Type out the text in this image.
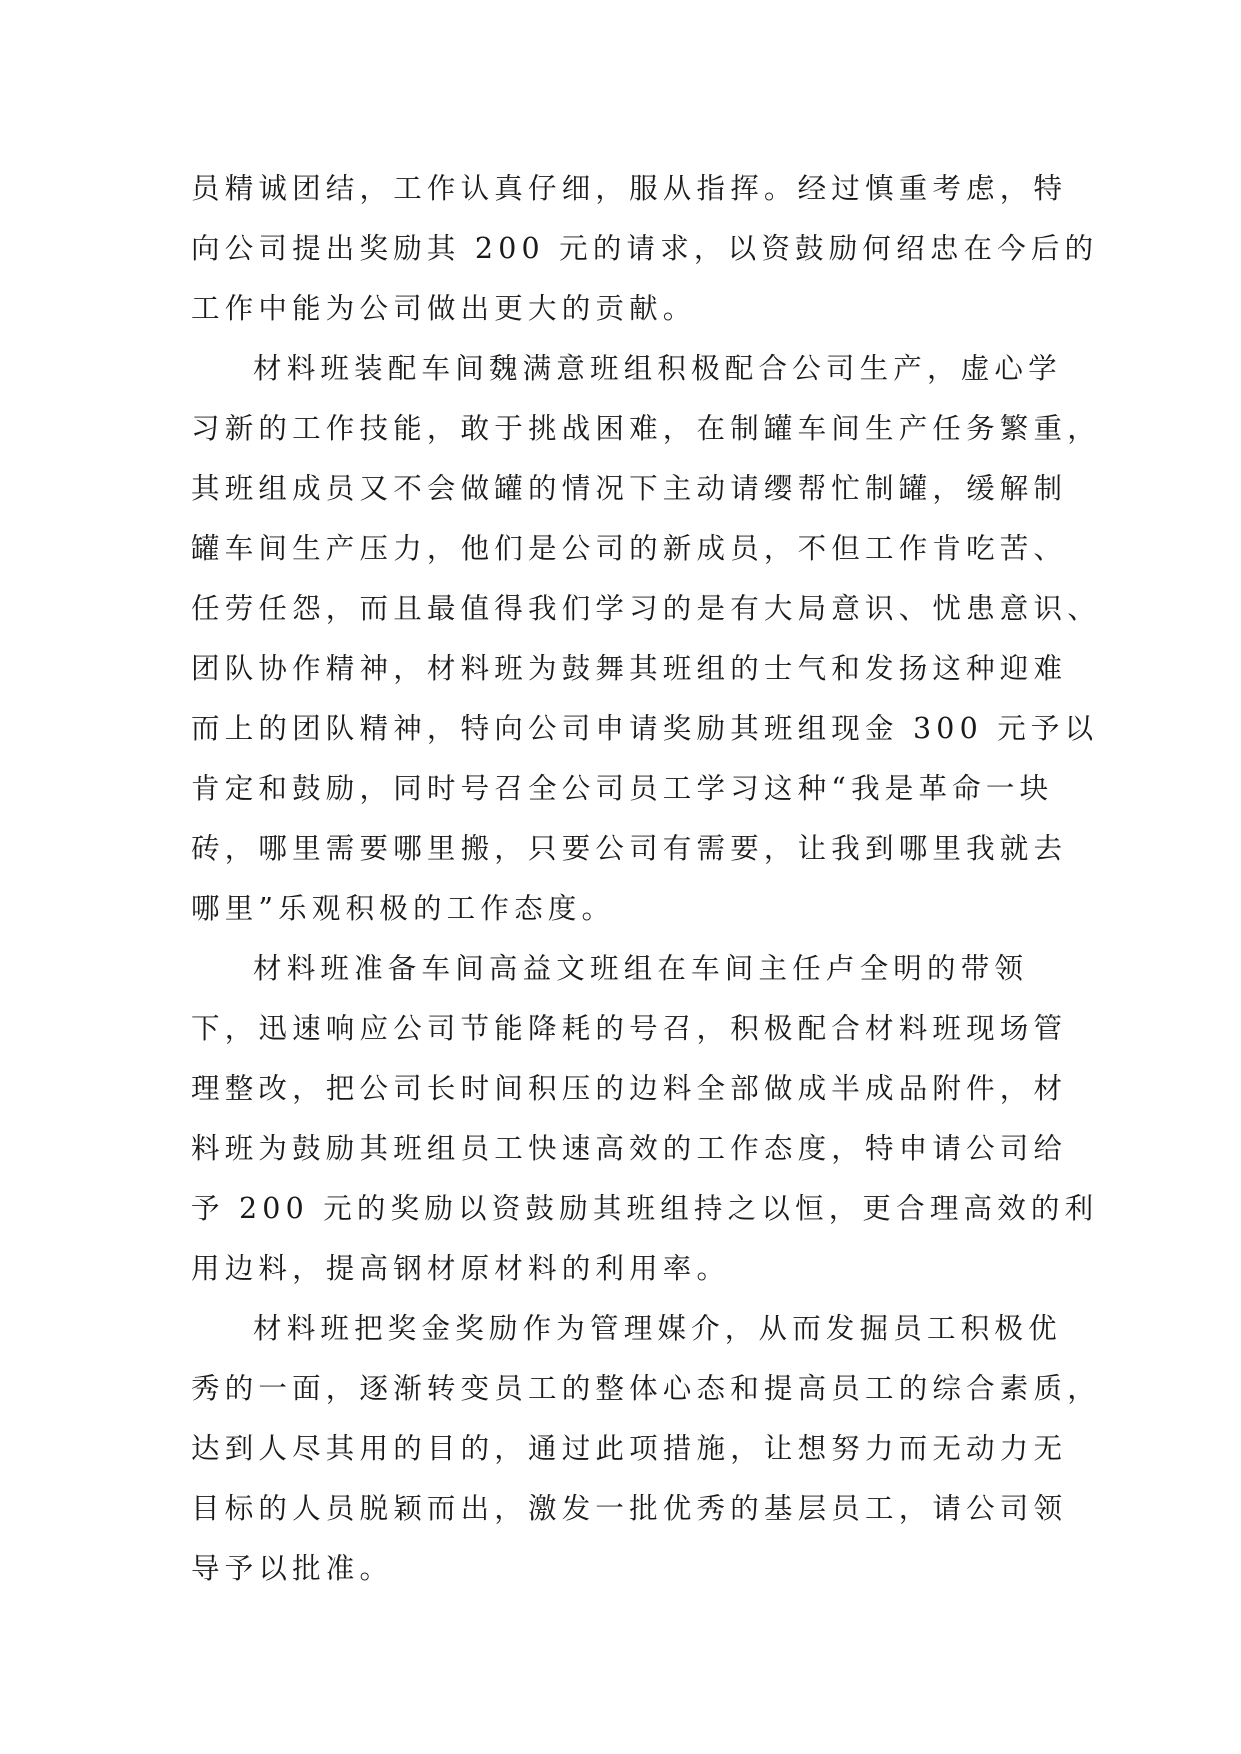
员精诚团结，工作认真仔细，服从指挥。经过慎重考虑，特
向公司提出奖励其 200 元的请求，以资鼓励何绍忠在今后的
工作中能为公司做出更大的贡献。
材料班装配车间魏满意班组积极配合公司生产，虚心学
习新的工作技能，敢于挑战困难，在制罐车间生产任务繁重，
其班组成员又不会做罐的情况下主动请缨帮忙制罐，缓解制
罐车间生产压力，他们是公司的新成员，不但工作肯吃苦、
任劳任怨，而且最值得我们学习的是有大局意识、忧患意识、
团队协作精神，材料班为鼓舞其班组的士气和发扬这种迎难
而上的团队精神，特向公司申请奖励其班组现金 300 元予以
肯定和鼓励，同时号召全公司员工学习这种“我是革命一块
砖，哪里需要哪里搬，只要公司有需要，让我到哪里我就去
哪里”乐观积极的工作态度。
材料班准备车间高益文班组在车间主任卢全明的带领
下，迅速响应公司节能降耗的号召，积极配合材料班现场管
理整改，把公司长时间积压的边料全部做成半成品附件，材
料班为鼓励其班组员工快速高效的工作态度，特申请公司给
予 200 元的奖励以资鼓励其班组持之以恒，更合理高效的利
用边料，提高钢材原材料的利用率。
材料班把奖金奖励作为管理媒介，从而发掘员工积极优
秀的一面，逐渐转变员工的整体心态和提高员工的综合素质，
达到人尽其用的目的，通过此项措施，让想努力而无动力无
目标的人员脱颖而出，激发一批优秀的基层员工，请公司领
导予以批准。
